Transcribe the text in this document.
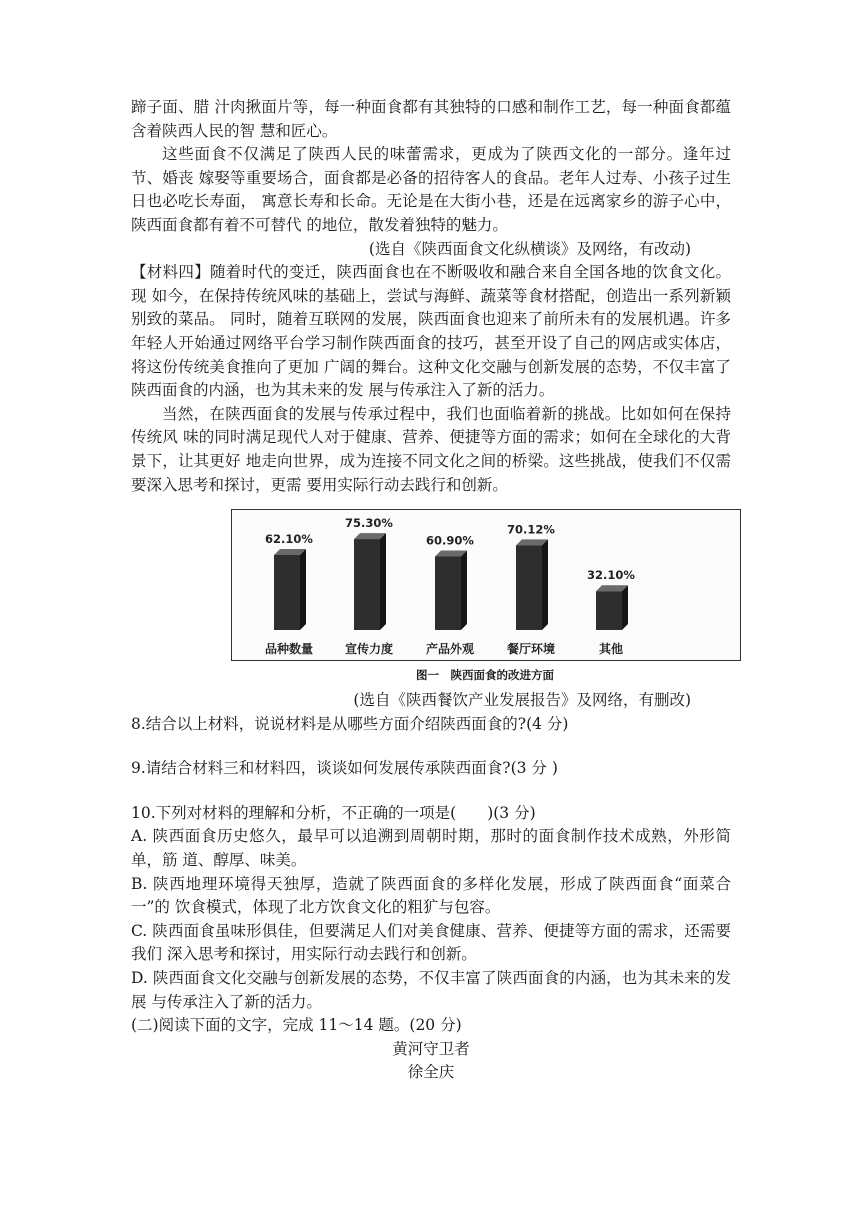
蹄子面、腊 汁肉揪面片等，每一种面食都有其独特的口感和制作工艺，每一种面食都蕴含着陕西人民的智 慧和匠心。

这些面食不仅满足了陕西人民的味蕾需求，更成为了陕西文化的一部分。逢年过节、婚丧 嫁娶等重要场合，面食都是必备的招待客人的食品。老年人过寿、小孩子过生日也必吃长寿面， 寓意长寿和长命。无论是在大街小巷，还是在远离家乡的游子心中，陕西面食都有着不可替代 的地位，散发着独特的魅力。

(选自《陕西面食文化纵横谈》及网络，有改动)

【材料四】随着时代的变迁，陕西面食也在不断吸收和融合来自全国各地的饮食文化。现 如今，在保持传统风味的基础上，尝试与海鲜、蔬菜等食材搭配，创造出一系列新颖别致的菜品。 同时，随着互联网的发展，陕西面食也迎来了前所未有的发展机遇。许多年轻人开始通过网络平台学习制作陕西面食的技巧，甚至开设了自己的网店或实体店，将这份传统美食推向了更加 广阔的舞台。这种文化交融与创新发展的态势，不仅丰富了陕西面食的内涵，也为其未来的发 展与传承注入了新的活力。

当然，在陕西面食的发展与传承过程中，我们也面临着新的挑战。比如如何在保持传统风 味的同时满足现代人对于健康、营养、便捷等方面的需求；如何在全球化的大背景下，让其更好 地走向世界，成为连接不同文化之间的桥梁。这些挑战，使我们不仅需要深入思考和探讨，更需 要用实际行动去践行和创新。

62.10%
品种数量
75.30%
宣传力度
60.90%
产品外观
70.12%
餐厅环境
32.10%
其他
图一　陕西面食的改进方面

(选自《陕西餐饮产业发展报告》及网络，有删改)

8.结合以上材料，说说材料是从哪些方面介绍陕西面食的?(4 分)

9.请结合材料三和材料四，谈谈如何发展传承陕西面食?(3 分 )

10.下列对材料的理解和分析，不正确的一项是(　　)(3 分)

A. 陕西面食历史悠久，最早可以追溯到周朝时期，那时的面食制作技术成熟，外形简单，筋 道、醇厚、味美。

B. 陕西地理环境得天独厚，造就了陕西面食的多样化发展，形成了陕西面食“面菜合一”的 饮食模式，体现了北方饮食文化的粗犷与包容。

C. 陕西面食虽味形俱佳，但要满足人们对美食健康、营养、便捷等方面的需求，还需要我们 深入思考和探讨，用实际行动去践行和创新。

D. 陕西面食文化交融与创新发展的态势，不仅丰富了陕西面食的内涵，也为其未来的发展 与传承注入了新的活力。

(二)阅读下面的文字，完成 11～14 题。(20 分)

黄河守卫者

徐全庆
